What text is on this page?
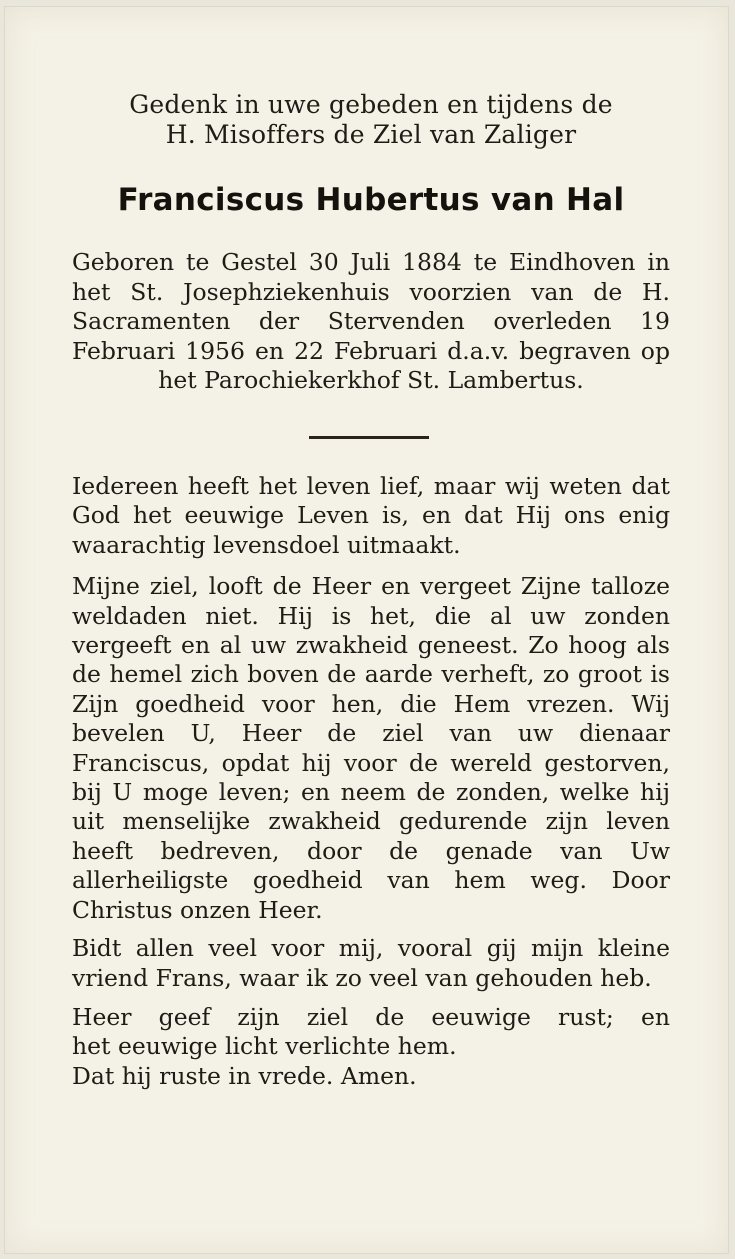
Gedenk in uwe gebeden en tijdens de
H. Misoffers de Ziel van Zaliger
Franciscus Hubertus van Hal
Geboren te Gestel 30 Juli 1884 te Eindhoven in het St. Josephziekenhuis voorzien van de H. Sacramenten der Stervenden overleden 19 Februari 1956 en 22 Februari d.a.v. begraven op het Parochiekerkhof St. Lambertus.

Iedereen heeft het leven lief, maar wij weten dat God het eeuwige Leven is, en dat Hij ons enig waarachtig levensdoel uitmaakt.

Mijne ziel, looft de Heer en vergeet Zijne talloze weldaden niet. Hij is het, die al uw zonden vergeeft en al uw zwakheid geneest. Zo hoog als de hemel zich boven de aarde verheft, zo groot is Zijn goedheid voor hen, die Hem vrezen. Wij bevelen U, Heer de ziel van uw dienaar Franciscus, opdat hij voor de wereld gestorven, bij U moge leven; en neem de zonden, welke hij uit menselijke zwakheid gedurende zijn leven heeft bedreven, door de genade van Uw allerheiligste goedheid van hem weg. Door Christus onzen Heer.

Bidt allen veel voor mij, vooral gij mijn kleine vriend Frans, waar ik zo veel van gehouden heb.

Heer geef zijn ziel de eeuwige rust; en
het eeuwige licht verlichte hem.
Dat hij ruste in vrede. Amen.
